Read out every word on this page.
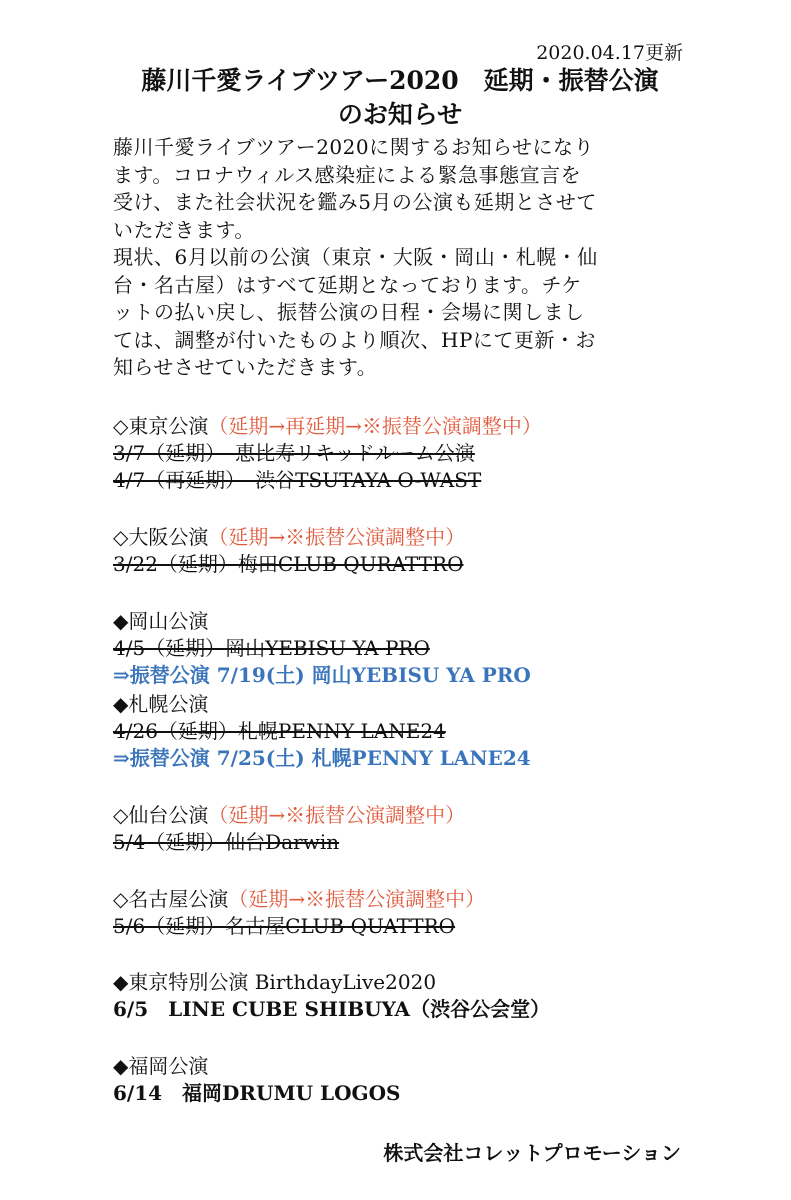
2020.04.17更新
藤川千愛ライブツアー2020　延期・振替公演
のお知らせ
藤川千愛ライブツアー2020に関するお知らせになり
ます。コロナウィルス感染症による緊急事態宣言を
受け、また社会状況を鑑み5月の公演も延期とさせて
いただきます。
現状、6月以前の公演（東京・大阪・岡山・札幌・仙
台・名古屋）はすべて延期となっております。チケ
ットの払い戻し、振替公演の日程・会場に関しまし
ては、調整が付いたものより順次、HPにて更新・お
知らせさせていただきます。
◇東京公演（延期→再延期→※振替公演調整中）
3/7（延期）　恵比寿リキッドルーム公演
4/7（再延期）　渋谷TSUTAYA O-WAST
◇大阪公演（延期→※振替公演調整中）
3/22（延期）梅田CLUB QURATTRO
◆岡山公演
4/5（延期）岡山YEBISU YA PRO
⇒振替公演 7/19(土) 岡山YEBISU YA PRO
◆札幌公演
4/26（延期）札幌PENNY LANE24
⇒振替公演 7/25(土) 札幌PENNY LANE24
◇仙台公演（延期→※振替公演調整中）
5/4（延期）仙台Darwin
◇名古屋公演（延期→※振替公演調整中）
5/6（延期）名古屋CLUB QUATTRO
◆東京特別公演 BirthdayLive2020
6/5　LINE CUBE SHIBUYA（渋谷公会堂）
◆福岡公演
6/14　福岡DRUMU LOGOS
株式会社コレットプロモーション
